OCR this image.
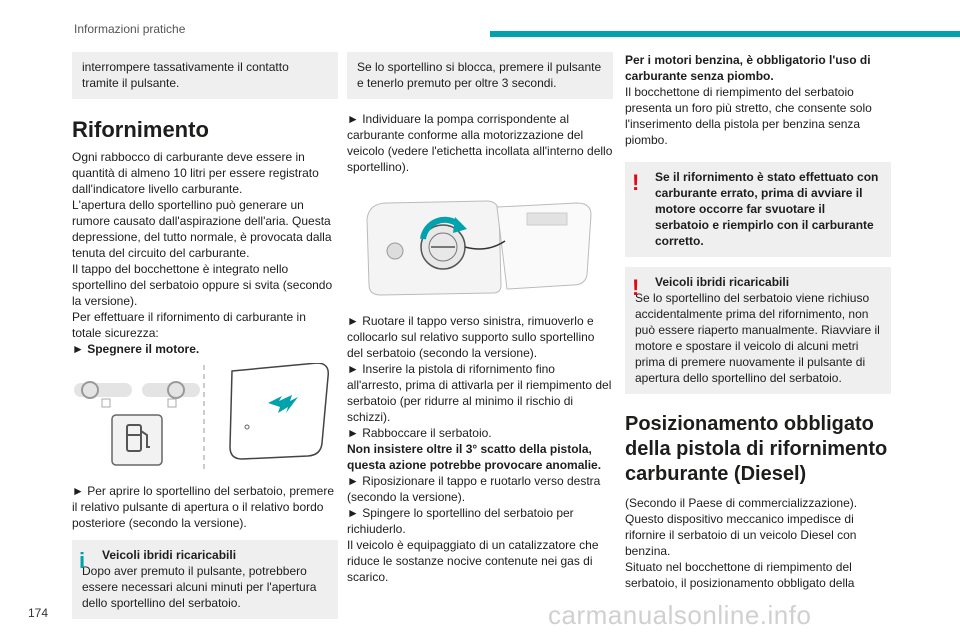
Informazioni pratiche
interrompere tassativamente il contatto tramite il pulsante.
Rifornimento

Ogni rabbocco di carburante deve essere in quantità di almeno 10 litri per essere registrato dall'indicatore livello carburante.

L'apertura dello sportellino può generare un rumore causato dall'aspirazione dell'aria. Questa depressione, del tutto normale, è provocata dalla tenuta del circuito del carburante.

Il tappo del bocchettone è integrato nello sportellino del serbatoio oppure si svita (secondo la versione).

Per effettuare il rifornimento di carburante in totale sicurezza:

► Spegnere il motore.

► Per aprire lo sportellino del serbatoio, premere il relativo pulsante di apertura o il relativo bordo posteriore (secondo la versione).

i	Veicoli ibridi ricaricabili
Dopo aver premuto il pulsante, potrebbero essere necessari alcuni minuti per l'apertura dello sportellino del serbatoio.
Se lo sportellino si blocca, premere il pulsante e tenerlo premuto per oltre 3 secondi.

► Individuare la pompa corrispondente al carburante conforme alla motorizzazione del veicolo (vedere l'etichetta incollata all'interno dello sportellino).

► Ruotare il tappo verso sinistra, rimuoverlo e collocarlo sul relativo supporto sullo sportellino del serbatoio (secondo la versione).

► Inserire la pistola di rifornimento fino all'arresto, prima di attivarla per il riempimento del serbatoio (per ridurre al minimo il rischio di schizzi).

► Rabboccare il serbatoio.

Non insistere oltre il 3° scatto della pistola, questa azione potrebbe provocare anomalie.

► Riposizionare il tappo e ruotarlo verso destra (secondo la versione).

► Spingere lo sportellino del serbatoio per richiuderlo.

Il veicolo è equipaggiato di un catalizzatore che riduce le sostanze nocive contenute nei gas di scarico.

Per i motori benzina, è obbligatorio l'uso di carburante senza piombo.

Il bocchettone di riempimento del serbatoio presenta un foro più stretto, che consente solo l'inserimento della pistola per benzina senza piombo.

!	Se il rifornimento è stato effettuato con carburante errato, prima di avviare il motore occorre far svuotare il serbatoio e riempirlo con il carburante corretto.
!	Veicoli ibridi ricaricabili
Se lo sportellino del serbatoio viene richiuso accidentalmente prima del rifornimento, non può essere riaperto manualmente. Riavviare il motore e spostare il veicolo di alcuni metri prima di premere nuovamente il pulsante di apertura dello sportellino del serbatoio.
Posizionamento obbligato della pistola di rifornimento carburante (Diesel)

(Secondo il Paese di commercializzazione).

Questo dispositivo meccanico impedisce di rifornire il serbatoio di un veicolo Diesel con benzina.

Situato nel bocchettone di riempimento del serbatoio, il posizionamento obbligato della

174	carmanualsonline.info
